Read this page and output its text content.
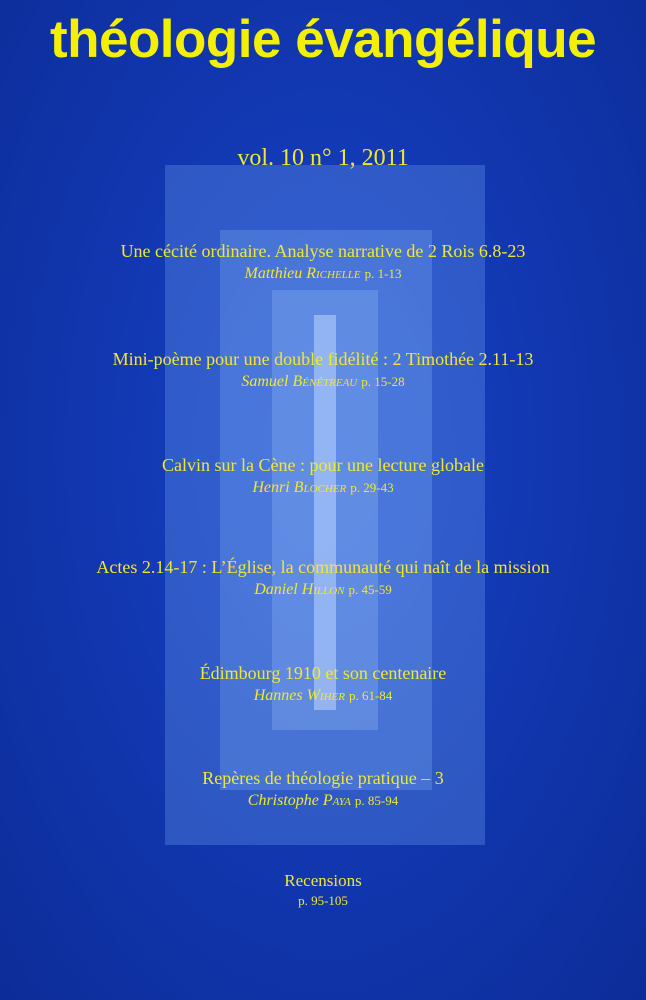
théologie évangélique
vol. 10 n° 1, 2011
Une cécité ordinaire. Analyse narrative de 2 Rois 6.8-23
Matthieu Richelle p. 1-13
Mini-poème pour une double fidélité : 2 Timothée 2.11-13
Samuel Bénétreau p. 15-28
Calvin sur la Cène : pour une lecture globale
Henri Blocher p. 29-43
Actes 2.14-17 : L’Église, la communauté qui naît de la mission
Daniel Hillon p. 45-59
Édimbourg 1910 et son centenaire
Hannes Wiher p. 61-84
Repères de théologie pratique – 3
Christophe Paya p. 85-94
Recensions
p. 95-105
